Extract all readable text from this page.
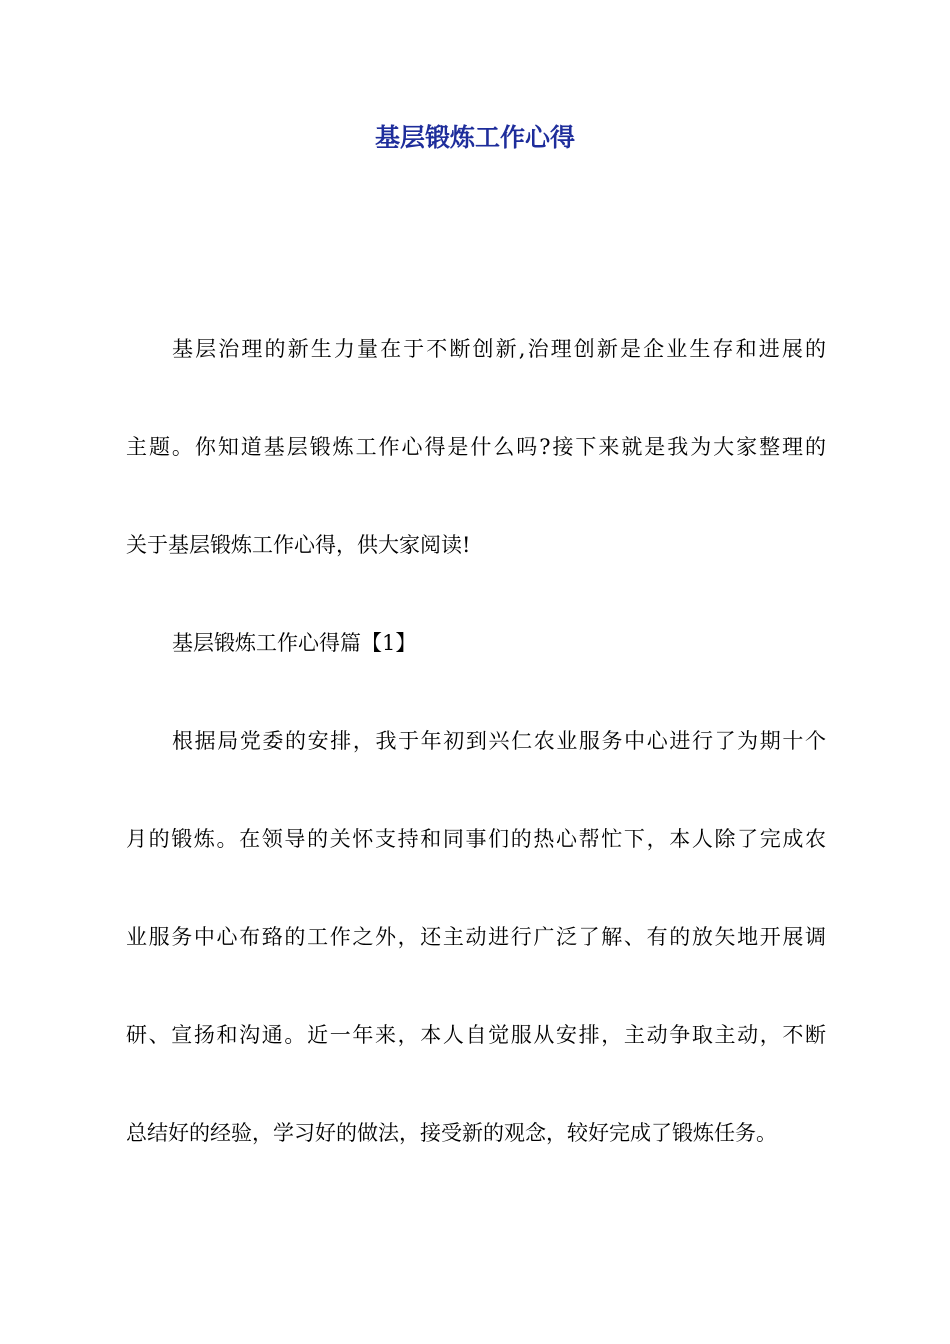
基层锻炼工作心得

基层治理的新生力量在于不断创新,治理创新是企业生存和进展的
主题。你知道基层锻炼工作心得是什么吗?接下来就是我为大家整理的
关于基层锻炼工作心得，供大家阅读!

基层锻炼工作心得篇【1】

根据局党委的安排，我于年初到兴仁农业服务中心进行了为期十个
月的锻炼。在领导的关怀支持和同事们的热心帮忙下，本人除了完成农
业服务中心布臵的工作之外，还主动进行广泛了解、有的放矢地开展调
研、宣扬和沟通。近一年来，本人自觉服从安排，主动争取主动，不断
总结好的经验，学习好的做法，接受新的观念，较好完成了锻炼任务。
